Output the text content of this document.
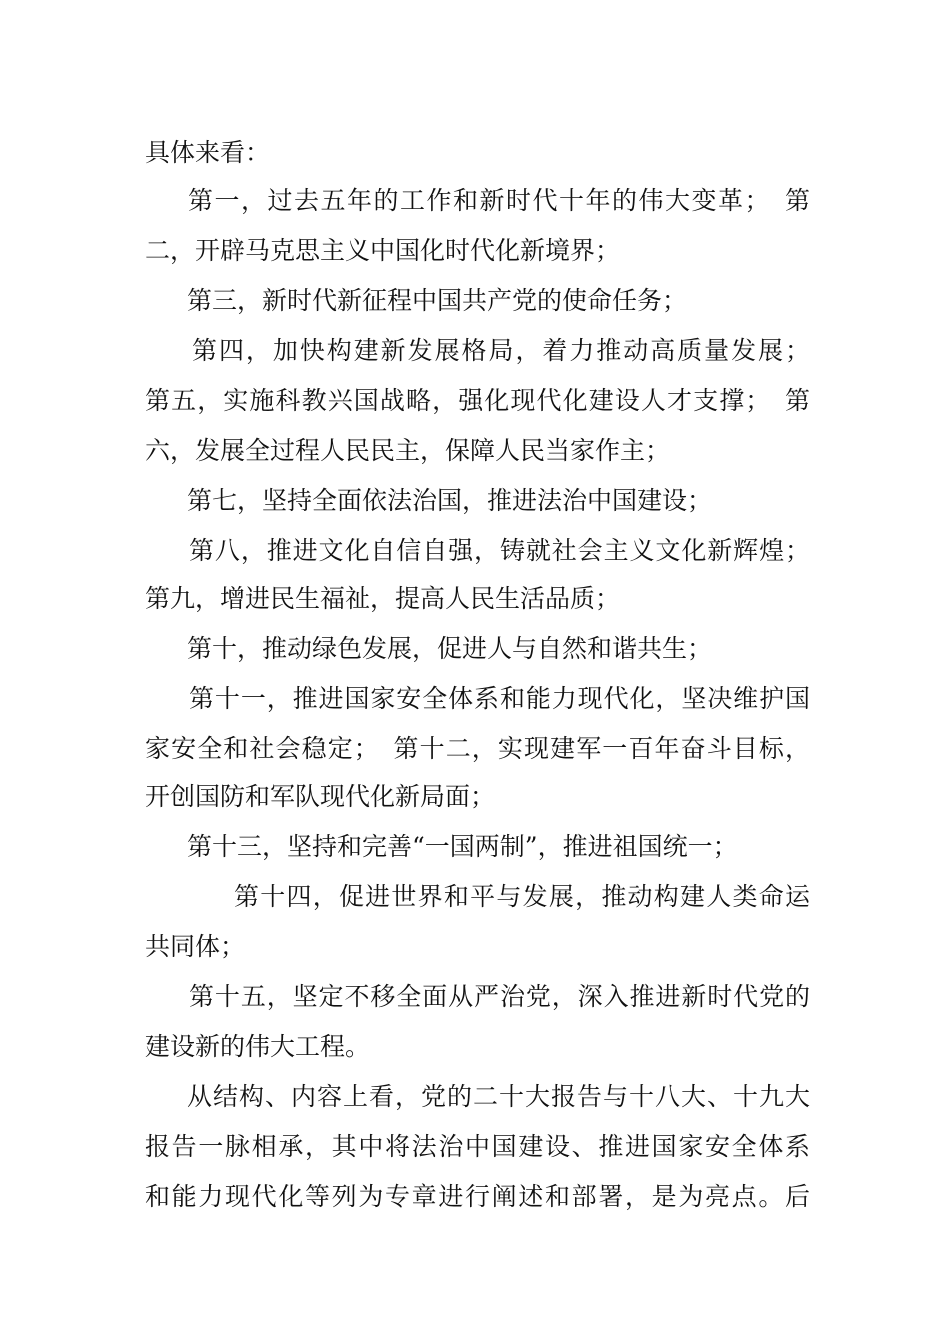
具体来看：
第一，过去五年的工作和新时代十年的伟大变革；　第
二，开辟马克思主义中国化时代化新境界；
第三，新时代新征程中国共产党的使命任务；
第四，加快构建新发展格局，着力推动高质量发展；
第五，实施科教兴国战略，强化现代化建设人才支撑；　第
六，发展全过程人民民主，保障人民当家作主；
第七，坚持全面依法治国，推进法治中国建设；
第八，推进文化自信自强，铸就社会主义文化新辉煌；
第九，增进民生福祉，提高人民生活品质；
第十，推动绿色发展，促进人与自然和谐共生；
第十一，推进国家安全体系和能力现代化，坚决维护国
家安全和社会稳定；　第十二，实现建军一百年奋斗目标，
开创国防和军队现代化新局面；
第十三，坚持和完善“一国两制”，推进祖国统一；
第十四，促进世界和平与发展，推动构建人类命运
共同体；
第十五，坚定不移全面从严治党，深入推进新时代党的
建设新的伟大工程。
从结构、内容上看，党的二十大报告与十八大、十九大
报告一脉相承，其中将法治中国建设、推进国家安全体系
和能力现代化等列为专章进行阐述和部署，是为亮点。后
